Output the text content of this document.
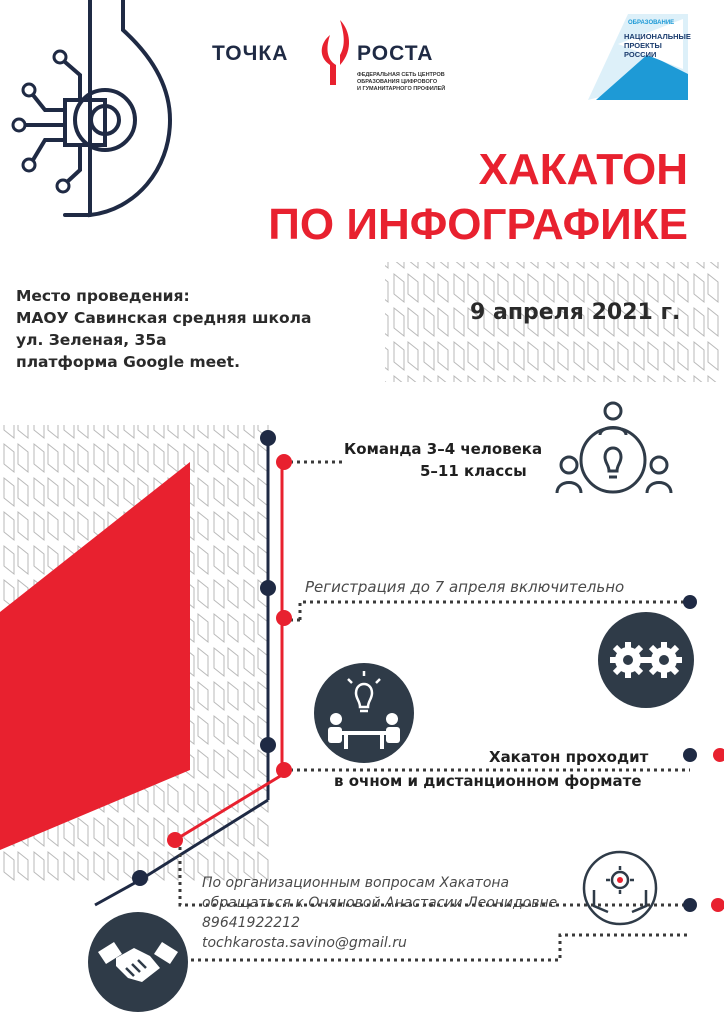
ТОЧКА	РОСТА
ФЕДЕРАЛЬНАЯ СЕТЬ ЦЕНТРОВ
ОБРАЗОВАНИЯ ЦИФРОВОГО
И ГУМАНИТАРНОГО ПРОФИЛЕЙ
ОБРАЗОВАНИЕ
НАЦИОНАЛЬНЫЕ
ПРОЕКТЫ
РОССИИ
ХАКАТОН
ПО ИНФОГРАФИКЕ
Место проведения:
МАОУ Савинская средняя школа
ул. Зеленая, 35а
платформа Google meet.
9 апреля 2021 г.
Команда 3–4 человека
5–11 классы
Регистрация до 7 апреля включительно
Хакатон проходит
в очном и дистанционном формате
По организационным вопросам Хакатона
обращаться к Оняновой Анастасии Леонидовне
89641922212
tochkarosta.savino@gmail.ru
